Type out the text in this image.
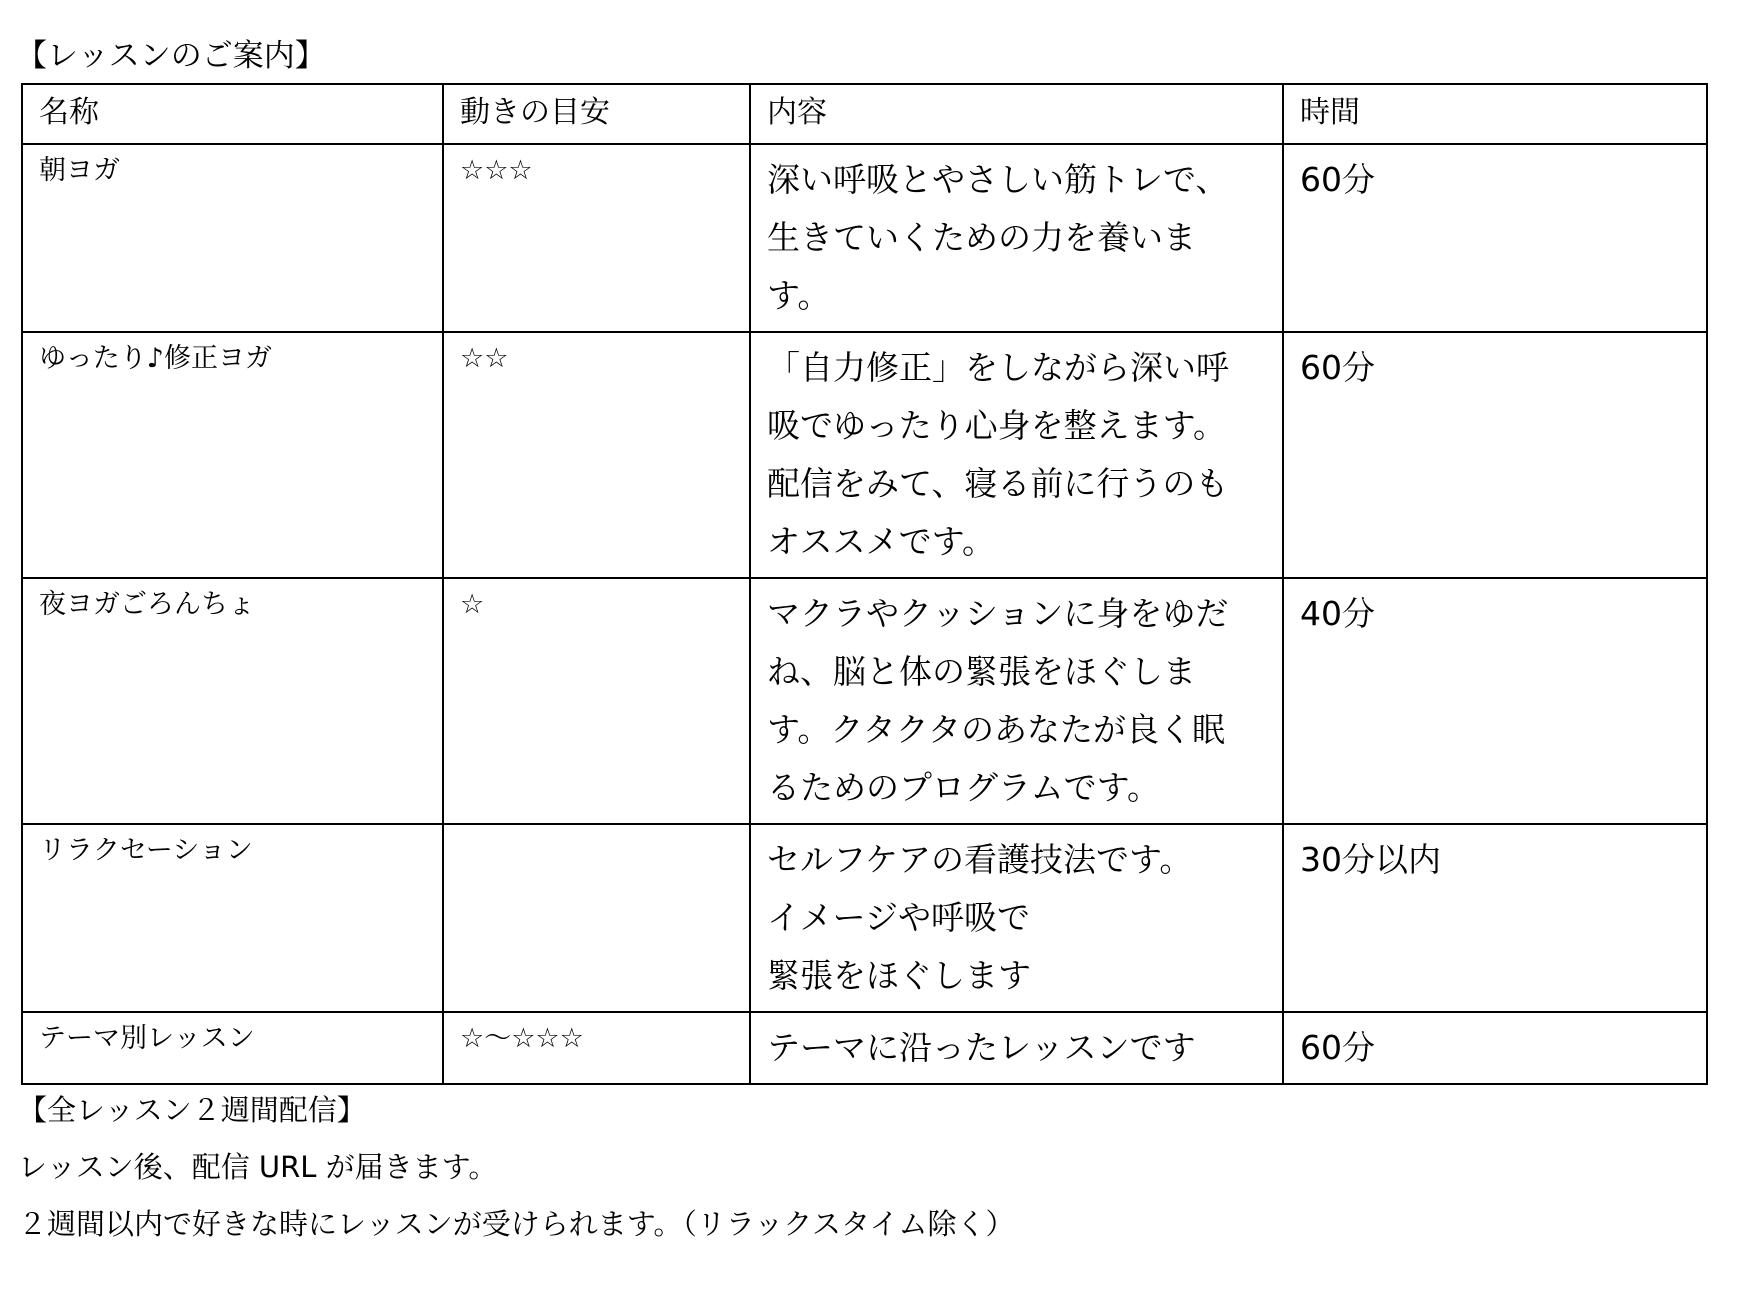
【レッスンのご案内】
名称	動きの目安	内容	時間
朝ヨガ	☆☆☆	深い呼吸とやさしい筋トレで、
生きていくための力を養いま
す。	60分
ゆったり♪修正ヨガ	☆☆	「自力修正」をしながら深い呼
吸でゆったり心身を整えます。
配信をみて、寝る前に行うのも
オススメです。	60分
夜ヨガごろんちょ	☆	マクラやクッションに身をゆだ
ね、脳と体の緊張をほぐしま
す。クタクタのあなたが良く眠
るためのプログラムです。	40分
リラクセーション		セルフケアの看護技法です。
イメージや呼吸で
緊張をほぐします	30分以内
テーマ別レッスン	☆～☆☆☆	テーマに沿ったレッスンです	60分
【全レッスン２週間配信】
レッスン後、配信 URL が届きます。
２週間以内で好きな時にレッスンが受けられます。（リラックスタイム除く）
